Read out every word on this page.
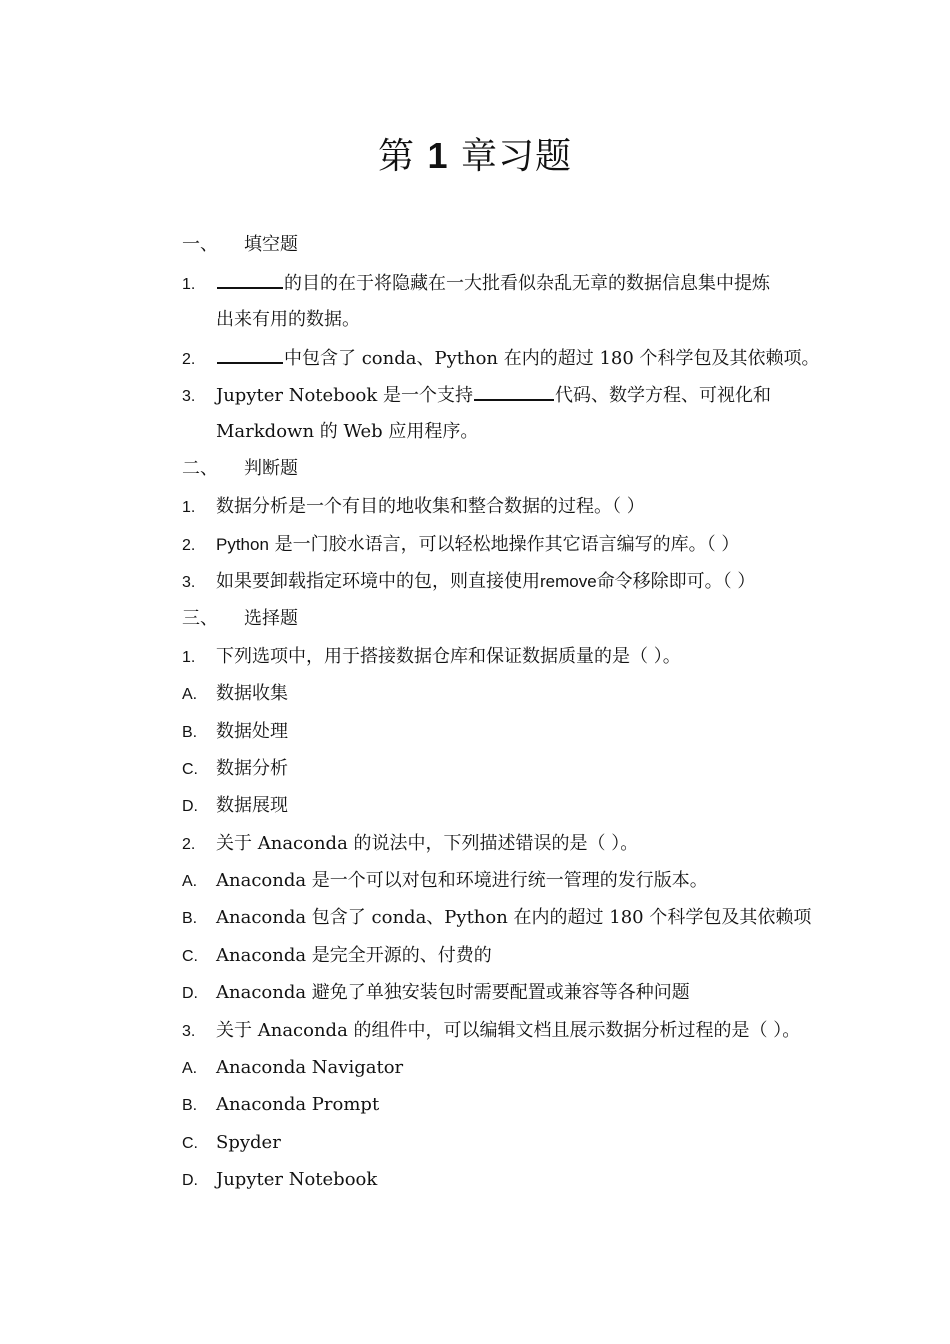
第 1 章习题
一、 填空题
1.	的目的在于将隐藏在一大批看似杂乱无章的数据信息集中提炼
出来有用的数据。
2.	中包含了 conda、Python 在内的超过 180 个科学包及其依赖项。
3. Jupyter Notebook 是一个支持	代码、数学方程、可视化和
Markdown 的 Web 应用程序。
二、 判断题
1. 数据分析是一个有目的地收集和整合数据的过程。（ ）
2. Python 是一门胶水语言，可以轻松地操作其它语言编写的库。（ ）
3. 如果要卸载指定环境中的包，则直接使用remove命令移除即可。（ ）
三、 选择题
1. 下列选项中，用于搭接数据仓库和保证数据质量的是（ ）。
A. 数据收集
B. 数据处理
C. 数据分析
D. 数据展现
2. 关于 Anaconda 的说法中，下列描述错误的是（ ）。
A. Anaconda 是一个可以对包和环境进行统一管理的发行版本。
B. Anaconda 包含了 conda、Python 在内的超过 180 个科学包及其依赖项
C. Anaconda 是完全开源的、付费的
D. Anaconda 避免了单独安装包时需要配置或兼容等各种问题
3. 关于 Anaconda 的组件中，可以编辑文档且展示数据分析过程的是（ ）。
A. Anaconda Navigator
B. Anaconda Prompt
C. Spyder
D. Jupyter Notebook
